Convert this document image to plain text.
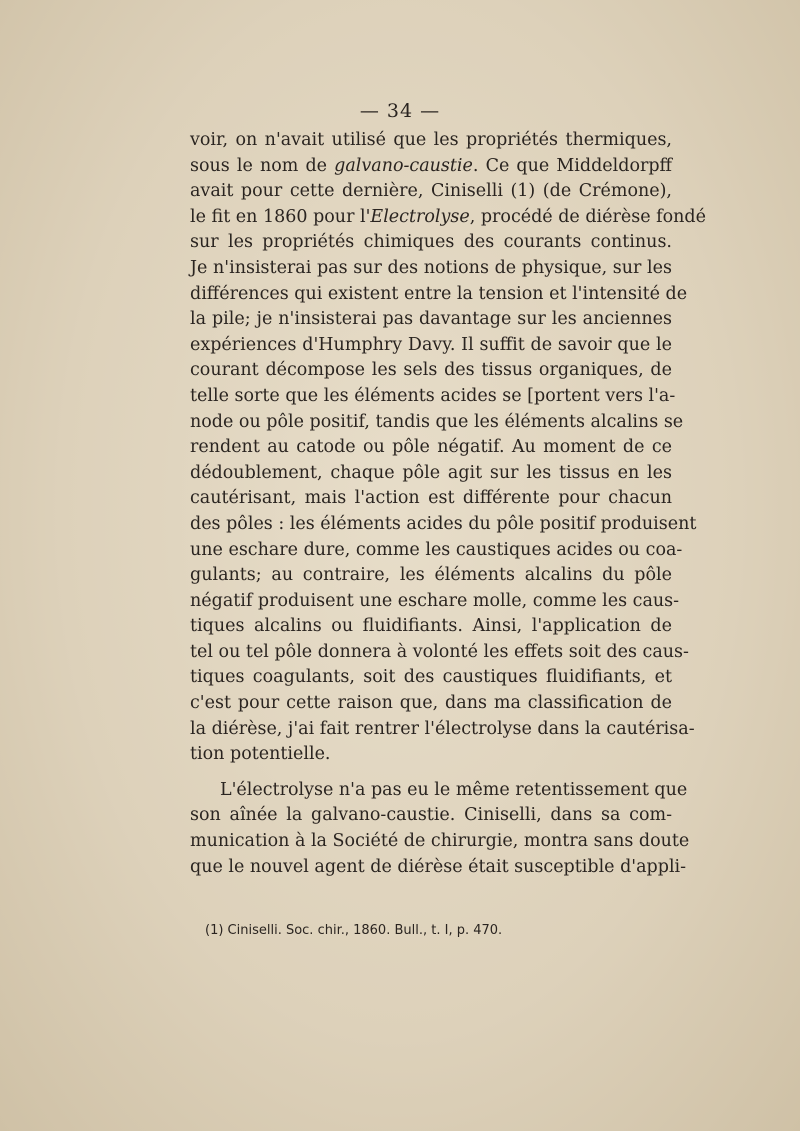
— 34 —
voir, on n'avait utilisé que les propriétés thermiques,
sous le nom de galvano-caustie. Ce que Middeldorpff
avait pour cette dernière, Ciniselli (1) (de Crémone),
le fit en 1860 pour l'Electrolyse, procédé de diérèse fondé
sur les propriétés chimiques des courants continus.
Je n'insisterai pas sur des notions de physique, sur les
différences qui existent entre la tension et l'intensité de
la pile; je n'insisterai pas davantage sur les anciennes
expériences d'Humphry Davy. Il suffit de savoir que le
courant décompose les sels des tissus organiques, de
telle sorte que les éléments acides se [portent vers l'a-
node ou pôle positif, tandis que les éléments alcalins se
rendent au catode ou pôle négatif. Au moment de ce
dédoublement, chaque pôle agit sur les tissus en les
cautérisant, mais l'action est différente pour chacun
des pôles : les éléments acides du pôle positif produisent
une eschare dure, comme les caustiques acides ou coa-
gulants; au contraire, les éléments alcalins du pôle
négatif produisent une eschare molle, comme les caus-
tiques alcalins ou fluidifiants. Ainsi, l'application de
tel ou tel pôle donnera à volonté les effets soit des caus-
tiques coagulants, soit des caustiques fluidifiants, et
c'est pour cette raison que, dans ma classification de
la diérèse, j'ai fait rentrer l'électrolyse dans la cautérisa-
tion potentielle.
L'électrolyse n'a pas eu le même retentissement que
son aînée la galvano-caustie. Ciniselli, dans sa com-
munication à la Société de chirurgie, montra sans doute
que le nouvel agent de diérèse était susceptible d'appli-
(1) Ciniselli. Soc. chir., 1860. Bull., t. I, p. 470.
